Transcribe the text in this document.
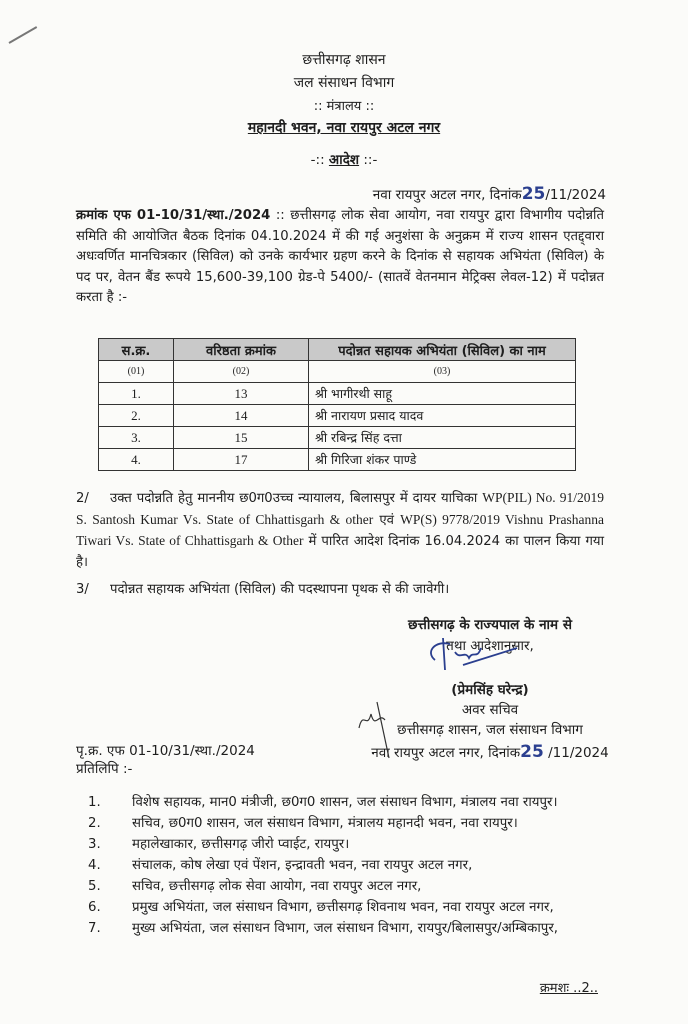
छत्तीसगढ़ शासन
जल संसाधन विभाग
:: मंत्रालय ::
महानदी भवन, नवा रायपुर अटल नगर
-:: आदेश ::-
नवा रायपुर अटल नगर, दिनांक25/11/2024
क्रमांक एफ 01-10/31/स्था./2024 :: छत्तीसगढ़ लोक सेवा आयोग, नवा रायपुर द्वारा विभागीय पदोन्नति समिति की आयोजित बैठक दिनांक 04.10.2024 में की गई अनुशंसा के अनुक्रम में राज्य शासन एतद्द्वारा अधःवर्णित मानचित्रकार (सिविल) को उनके कार्यभार ग्रहण करने के दिनांक से सहायक अभियंता (सिविल) के पद पर, वेतन बैंड रूपये 15,600-39,100 ग्रेड-पे 5400/- (सातवें वेतनमान मेट्रिक्स लेवल-12) में पदोन्नत करता है :-
स.क्र.	वरिष्ठता क्रमांक	पदोन्नत सहायक अभियंता (सिविल) का नाम
(01)	(02)	(03)
1.	13	श्री भागीरथी साहू
2.	14	श्री नारायण प्रसाद यादव
3.	15	श्री रबिन्द्र सिंह दत्ता
4.	17	श्री गिरिजा शंकर पाण्डे
2/ उक्त पदोन्नति हेतु माननीय छ0ग0उच्च न्यायालय, बिलासपुर में दायर याचिका WP(PIL) No. 91/2019 S. Santosh Kumar Vs. State of Chhattisgarh & other एवं WP(S) 9778/2019 Vishnu Prashanna Tiwari Vs. State of Chhattisgarh & Other में पारित आदेश दिनांक 16.04.2024 का पालन किया गया है।
3/ पदोन्नत सहायक अभियंता (सिविल) की पदस्थापना पृथक से की जावेगी।
छत्तीसगढ़ के राज्यपाल के नाम से
तथा आदेशानुसार,
(प्रेमसिंह घरेन्द्र)
अवर सचिव
छत्तीसगढ़ शासन, जल संसाधन विभाग
नवा रायपुर अटल नगर, दिनांक25 /11/2024
पृ.क्र. एफ 01-10/31/स्था./2024
प्रतिलिपि :-
1. विशेष सहायक, मान0 मंत्रीजी, छ0ग0 शासन, जल संसाधन विभाग, मंत्रालय नवा रायपुर।
2. सचिव, छ0ग0 शासन, जल संसाधन विभाग, मंत्रालय महानदी भवन, नवा रायपुर।
3. महालेखाकार, छत्तीसगढ़ जीरो प्वाईट, रायपुर।
4. संचालक, कोष लेखा एवं पेंशन, इन्द्रावती भवन, नवा रायपुर अटल नगर,
5. सचिव, छत्तीसगढ़ लोक सेवा आयोग, नवा रायपुर अटल नगर,
6. प्रमुख अभियंता, जल संसाधन विभाग, छत्तीसगढ़ शिवनाथ भवन, नवा रायपुर अटल नगर,
7. मुख्य अभियंता, जल संसाधन विभाग, जल संसाधन विभाग, रायपुर/बिलासपुर/अम्बिकापुर,
क्रमशः ..2..
